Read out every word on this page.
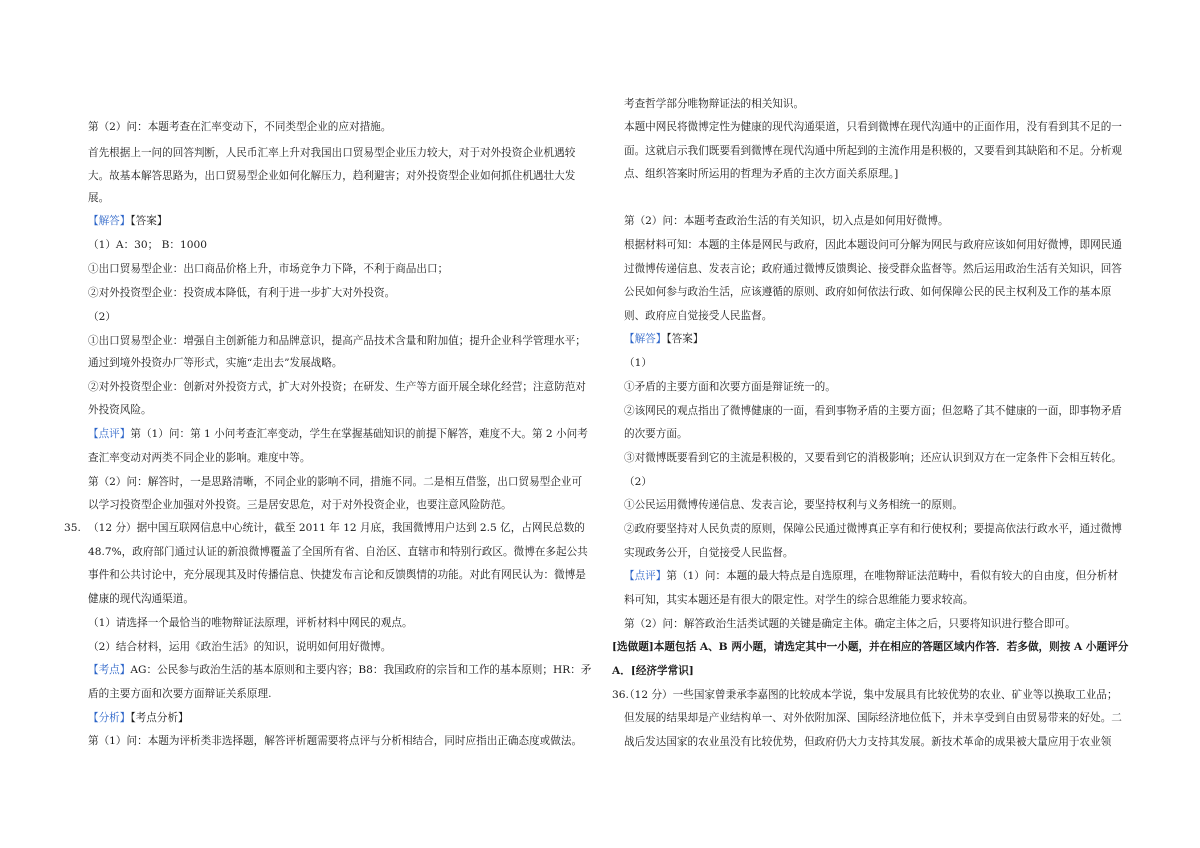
第（2）问：本题考查在汇率变动下，不同类型企业的应对措施。
首先根据上一问的回答判断，人民币汇率上升对我国出口贸易型企业压力较大，对于对外投资企业机遇较
大。故基本解答思路为，出口贸易型企业如何化解压力，趋利避害；对外投资型企业如何抓住机遇壮大发
展。
【解答】【答案】
（1）A：30； B：1000
①出口贸易型企业：出口商品价格上升，市场竞争力下降，不利于商品出口；
②对外投资型企业：投资成本降低，有利于进一步扩大对外投资。
（2）
①出口贸易型企业：增强自主创新能力和品牌意识，提高产品技术含量和附加值；提升企业科学管理水平；
通过到境外投资办厂等形式，实施“走出去”发展战略。
②对外投资型企业：创新对外投资方式，扩大对外投资；在研发、生产等方面开展全球化经营；注意防范对
外投资风险。
【点评】第（1）问：第 1 小问考查汇率变动，学生在掌握基础知识的前提下解答，难度不大。第 2 小问考
查汇率变动对两类不同企业的影响。难度中等。
第（2）问：解答时，一是思路清晰，不同企业的影响不同，措施不同。二是相互借鉴，出口贸易型企业可
以学习投资型企业加强对外投资。三是居安思危，对于对外投资企业，也要注意风险防范。
（12 分）据中国互联网信息中心统计，截至 2011 年 12 月底，我国微博用户达到 2.5 亿，占网民总数的
48.7%，政府部门通过认证的新浪微博覆盖了全国所有省、自治区、直辖市和特别行政区。微博在多起公共
事件和公共讨论中，充分展现其及时传播信息、快捷发布言论和反馈舆情的功能。对此有网民认为：微博是
健康的现代沟通渠道。
（1）请选择一个最恰当的唯物辩证法原理，评析材料中网民的观点。
（2）结合材料，运用《政治生活》的知识，说明如何用好微博。
【考点】AG：公民参与政治生活的基本原则和主要内容；B8：我国政府的宗旨和工作的基本原则；HR：矛
盾的主要方面和次要方面辩证关系原理.
【分析】【考点分析】
第（1）问：本题为评析类非选择题，解答评析题需要将点评与分析相结合，同时应指出正确态度或做法。
35.
考查哲学部分唯物辩证法的相关知识。
本题中网民将微博定性为健康的现代沟通渠道，只看到微博在现代沟通中的正面作用，没有看到其不足的一
面。这就启示我们既要看到微博在现代沟通中所起到的主流作用是积极的，又要看到其缺陷和不足。分析观
点、组织答案时所运用的哲理为矛盾的主次方面关系原理。]
第（2）问：本题考查政治生活的有关知识，切入点是如何用好微博。
根据材料可知：本题的主体是网民与政府，因此本题设问可分解为网民与政府应该如何用好微博，即网民通
过微博传递信息、发表言论；政府通过微博反馈舆论、接受群众监督等。然后运用政治生活有关知识，回答
公民如何参与政治生活，应该遵循的原则、政府如何依法行政、如何保障公民的民主权利及工作的基本原
则、政府应自觉接受人民监督。
【解答】【答案】
（1）
①矛盾的主要方面和次要方面是辩证统一的。
②该网民的观点指出了微博健康的一面，看到事物矛盾的主要方面；但忽略了其不健康的一面，即事物矛盾
的次要方面。
③对微博既要看到它的主流是积极的，又要看到它的消极影响；还应认识到双方在一定条件下会相互转化。
（2）
①公民运用微博传递信息、发表言论，要坚持权利与义务相统一的原则。
②政府要坚持对人民负责的原则，保障公民通过微博真正享有和行使权利；要提高依法行政水平，通过微博
实现政务公开，自觉接受人民监督。
【点评】第（1）问：本题的最大特点是自选原理，在唯物辩证法范畴中，看似有较大的自由度，但分析材
料可知，其实本题还是有很大的限定性。对学生的综合思维能力要求较高。
第（2）问：解答政治生活类试题的关键是确定主体。确定主体之后，只要将知识进行整合即可。
[选做题]本题包括 A、B 两小题，请选定其中一小题，并在相应的答题区域内作答．若多做，则按 A 小题评分
A．[经济学常识]
（12 分）一些国家曾秉承李嘉图的比较成本学说，集中发展具有比较优势的农业、矿业等以换取工业品；
但发展的结果却是产业结构单一、对外依附加深、国际经济地位低下，并未享受到自由贸易带来的好处。二
战后发达国家的农业虽没有比较优势，但政府仍大力支持其发展。新技术革命的成果被大量应用于农业领
36.
